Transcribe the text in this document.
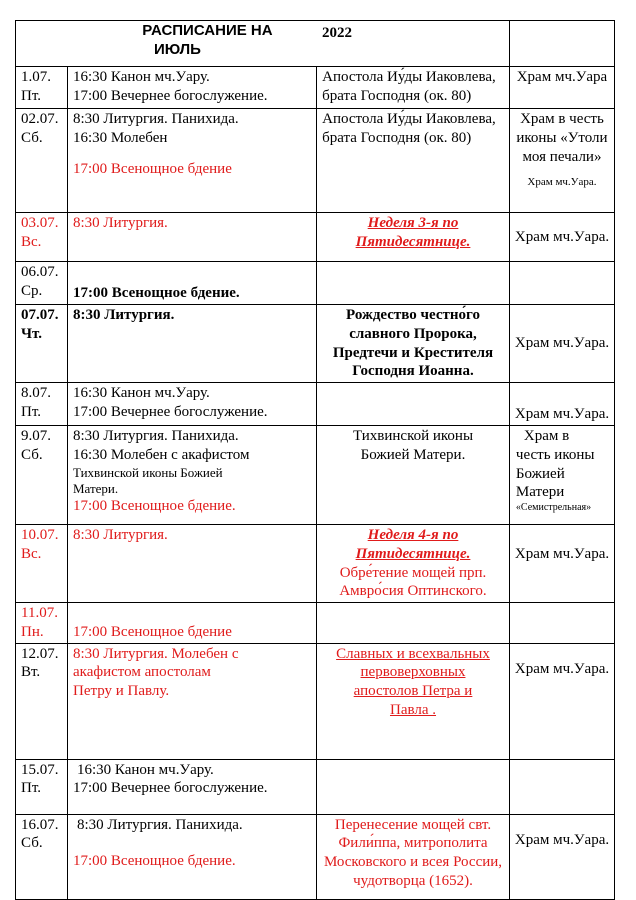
2022
РАСПИСАНИЕ НА
ИЮЛЬ			

1.07.
Пт.	16:30 Канон мч.Уару.
17:00 Вечернее богослужение.	Апостола Иу́ды Иаковлева,
брата Господня (ок. 80)	Храм мч.Уара

02.07.
Сб.	8:30 Литургия. Панихида.
16:30 Молебен
17:00 Всенощное бдение	Апостола Иу́ды Иаковлева,
брата Господня (ок. 80)	Храм в честь
иконы «Утоли
моя печали»
Храм мч.Уара.

03.07.
Вс.	8:30 Литургия.	Неделя 3-я по
Пятидесятнице.	Храм мч.Уара.

06.07.
Ср.	17:00 Всенощное бдение.		

07.07.
Чт.	8:30 Литургия.	Рождество честно́го
славного Пророка,
Предтечи и Крестителя
Господня Иоанна.	Храм мч.Уара.

8.07.
Пт.	16:30 Канон мч.Уару.
17:00 Вечернее богослужение.		Храм мч.Уара.

9.07.
Сб.	8:30 Литургия. Панихида.
16:30 Молебен с акафистом
Тихвинской иконы Божией
Матери.
17:00 Всенощное бдение.	Тихвинской иконы
Божией Матери.	Храм в
честь иконы
Божией
Матери
«Семистрельная»

10.07.
Вс.	8:30 Литургия.	Неделя 4-я по
Пятидесятнице.
Обре́тение мощей прп.
Амвро́сия Оптинского.	Храм мч.Уара.

11.07.
Пн.	17:00 Всенощное бдение		

12.07.
Вт.	8:30 Литургия. Молебен с
акафистом апостолам
Петру и Павлу.	Славных и всехвальных
первоверховных
апостолов Петра и
Павла .	Храм мч.Уара.

15.07.
Пт.	16:30 Канон мч.Уару.
17:00 Вечернее богослужение.		

16.07.
Сб.	8:30 Литургия. Панихида.
17:00 Всенощное бдение.	Перенесение мощей свт.
Фили́ппа, митрополита
Московского и всея России,
чудотворца (1652).	Храм мч.Уара.
